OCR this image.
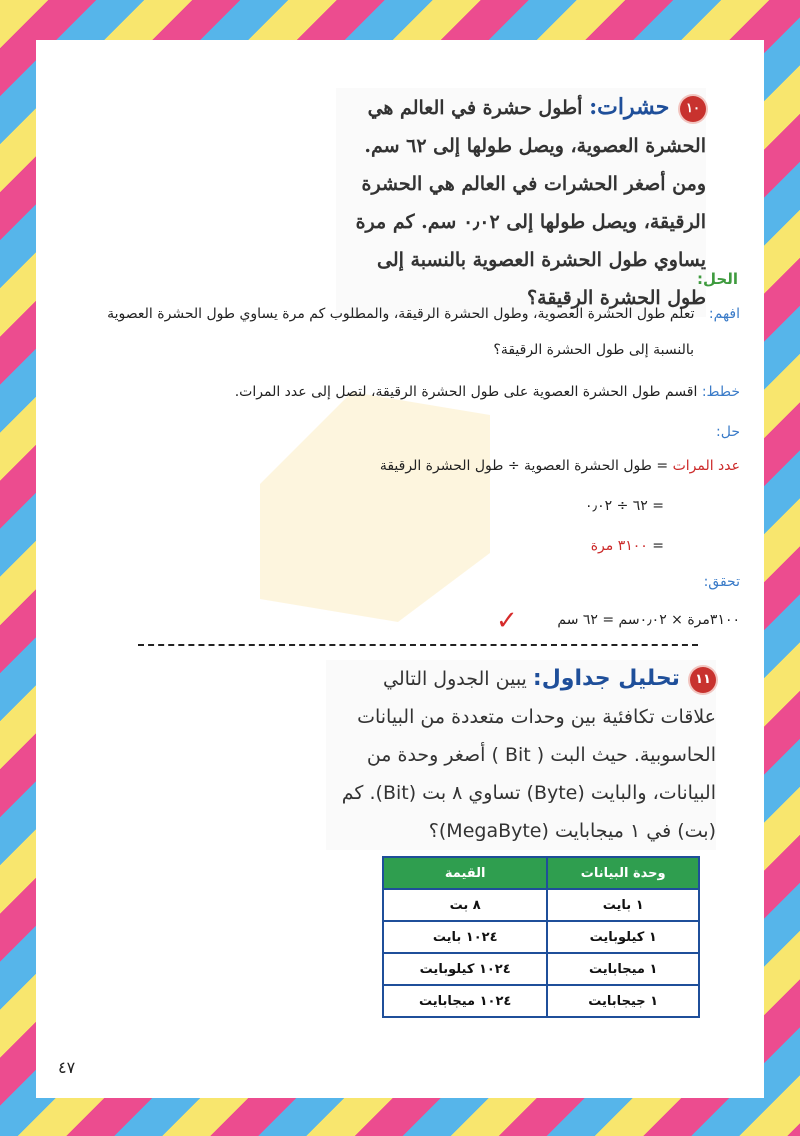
١٠ حشرات: أطول حشرة في العالم هي الحشرة العصوية، ويصل طولها إلى ٦٢ سم. ومن أصغر الحشرات في العالم هي الحشرة الرقيقة، ويصل طولها إلى ٠٫٠٢ سم. كم مرة يساوي طول الحشرة العصوية بالنسبة إلى طول الحشرة الرقيقة؟
الحل:
افهم: تعلم طول الحشرة العصوية، وطول الحشرة الرقيقة، والمطلوب كم مرة يساوي طول الحشرة العصوية
بالنسبة إلى طول الحشرة الرقيقة؟
خطط: اقسم طول الحشرة العصوية على طول الحشرة الرقيقة، لتصل إلى عدد المرات.
حل:
عدد المرات = طول الحشرة العصوية ÷ طول الحشرة الرقيقة
= ٦٢ ÷ ٠٫٠٢
= ٣١٠٠ مرة
تحقق:
٣١٠٠مرة × ٠٫٠٢سم = ٦٢ سم
✓
١١ تحليل جداول: يبين الجدول التالي علاقات تكافئية بين وحدات متعددة من البيانات الحاسوبية. حيث البت ( Bit ) أصغر وحدة من البيانات، والبايت (Byte) تساوي ٨ بت (Bit). كم (بت) في ١ ميجابايت (MegaByte)؟
وحدة البيانات	القيمة
١ بايت	٨ بت
١ كيلوبايت	١٠٢٤ بايت
١ ميجابايت	١٠٢٤ كيلوبايت
١ جيجابايت	١٠٢٤ ميجابايت
٤٧
